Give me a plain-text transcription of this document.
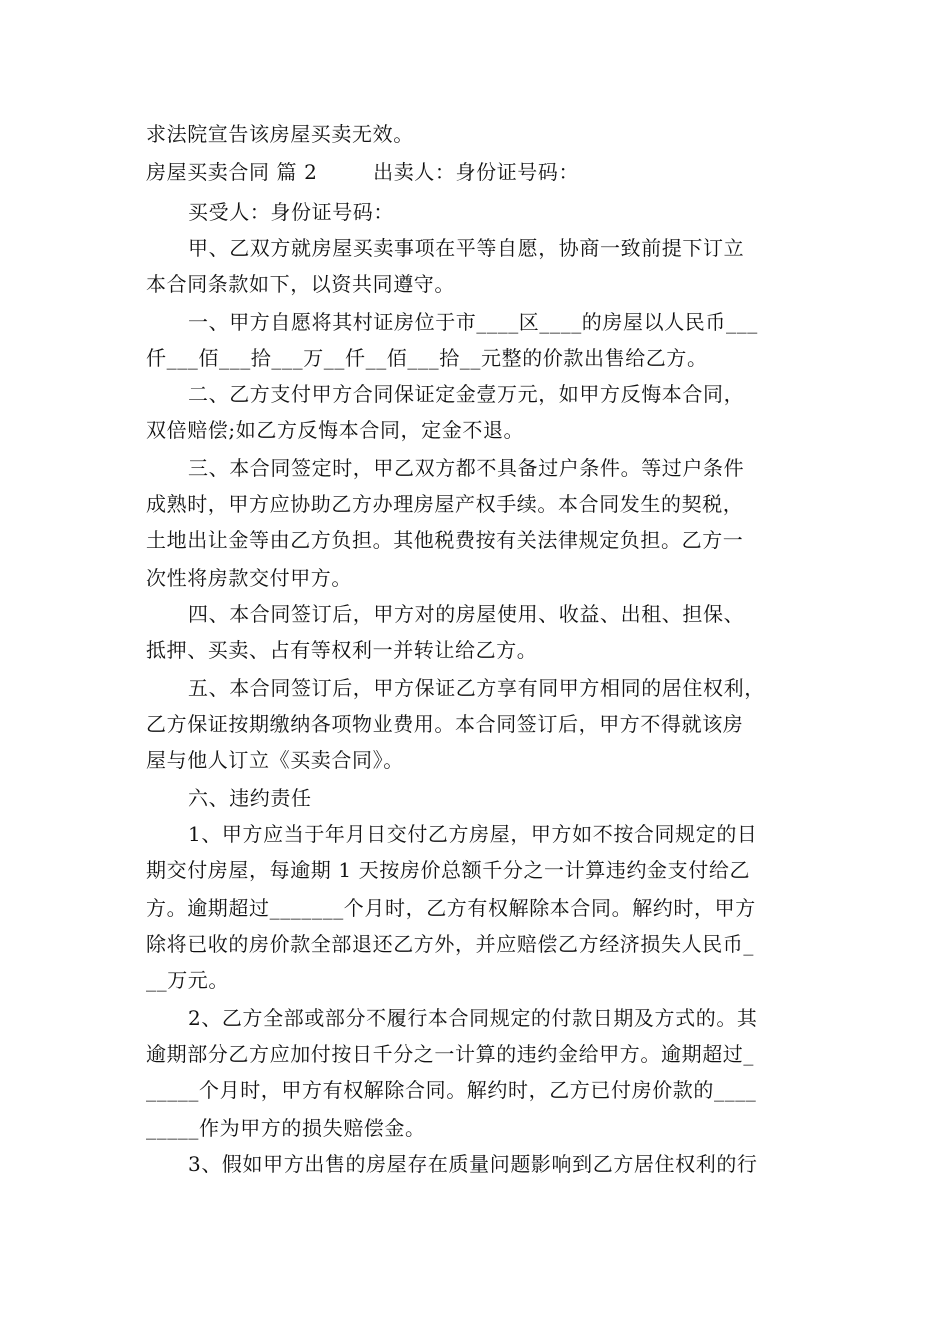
求法院宣告该房屋买卖无效。
房屋买卖合同 篇 2        出卖人：身份证号码：
买受人：身份证号码：
甲、乙双方就房屋买卖事项在平等自愿，协商一致前提下订立
本合同条款如下，以资共同遵守。
一、甲方自愿将其村证房位于市____区____的房屋以人民币___
仟___佰___拾___万__仟__佰___拾__元整的价款出售给乙方。
二、乙方支付甲方合同保证定金壹万元，如甲方反悔本合同，
双倍赔偿;如乙方反悔本合同，定金不退。
三、本合同签定时，甲乙双方都不具备过户条件。等过户条件
成熟时，甲方应协助乙方办理房屋产权手续。本合同发生的契税，
土地出让金等由乙方负担。其他税费按有关法律规定负担。乙方一
次性将房款交付甲方。
四、本合同签订后，甲方对的房屋使用、收益、出租、担保、
抵押、买卖、占有等权利一并转让给乙方。
五、本合同签订后，甲方保证乙方享有同甲方相同的居住权利，
乙方保证按期缴纳各项物业费用。本合同签订后，甲方不得就该房
屋与他人订立《买卖合同》。
六、违约责任
1、甲方应当于年月日交付乙方房屋，甲方如不按合同规定的日
期交付房屋，每逾期 1 天按房价总额千分之一计算违约金支付给乙
方。逾期超过_______个月时，乙方有权解除本合同。解约时，甲方
除将已收的房价款全部退还乙方外，并应赔偿乙方经济损失人民币_
__万元。
2、乙方全部或部分不履行本合同规定的付款日期及方式的。其
逾期部分乙方应加付按日千分之一计算的违约金给甲方。逾期超过_
_____个月时，甲方有权解除合同。解约时，乙方已付房价款的____
_____作为甲方的损失赔偿金。
3、假如甲方出售的房屋存在质量问题影响到乙方居住权利的行
